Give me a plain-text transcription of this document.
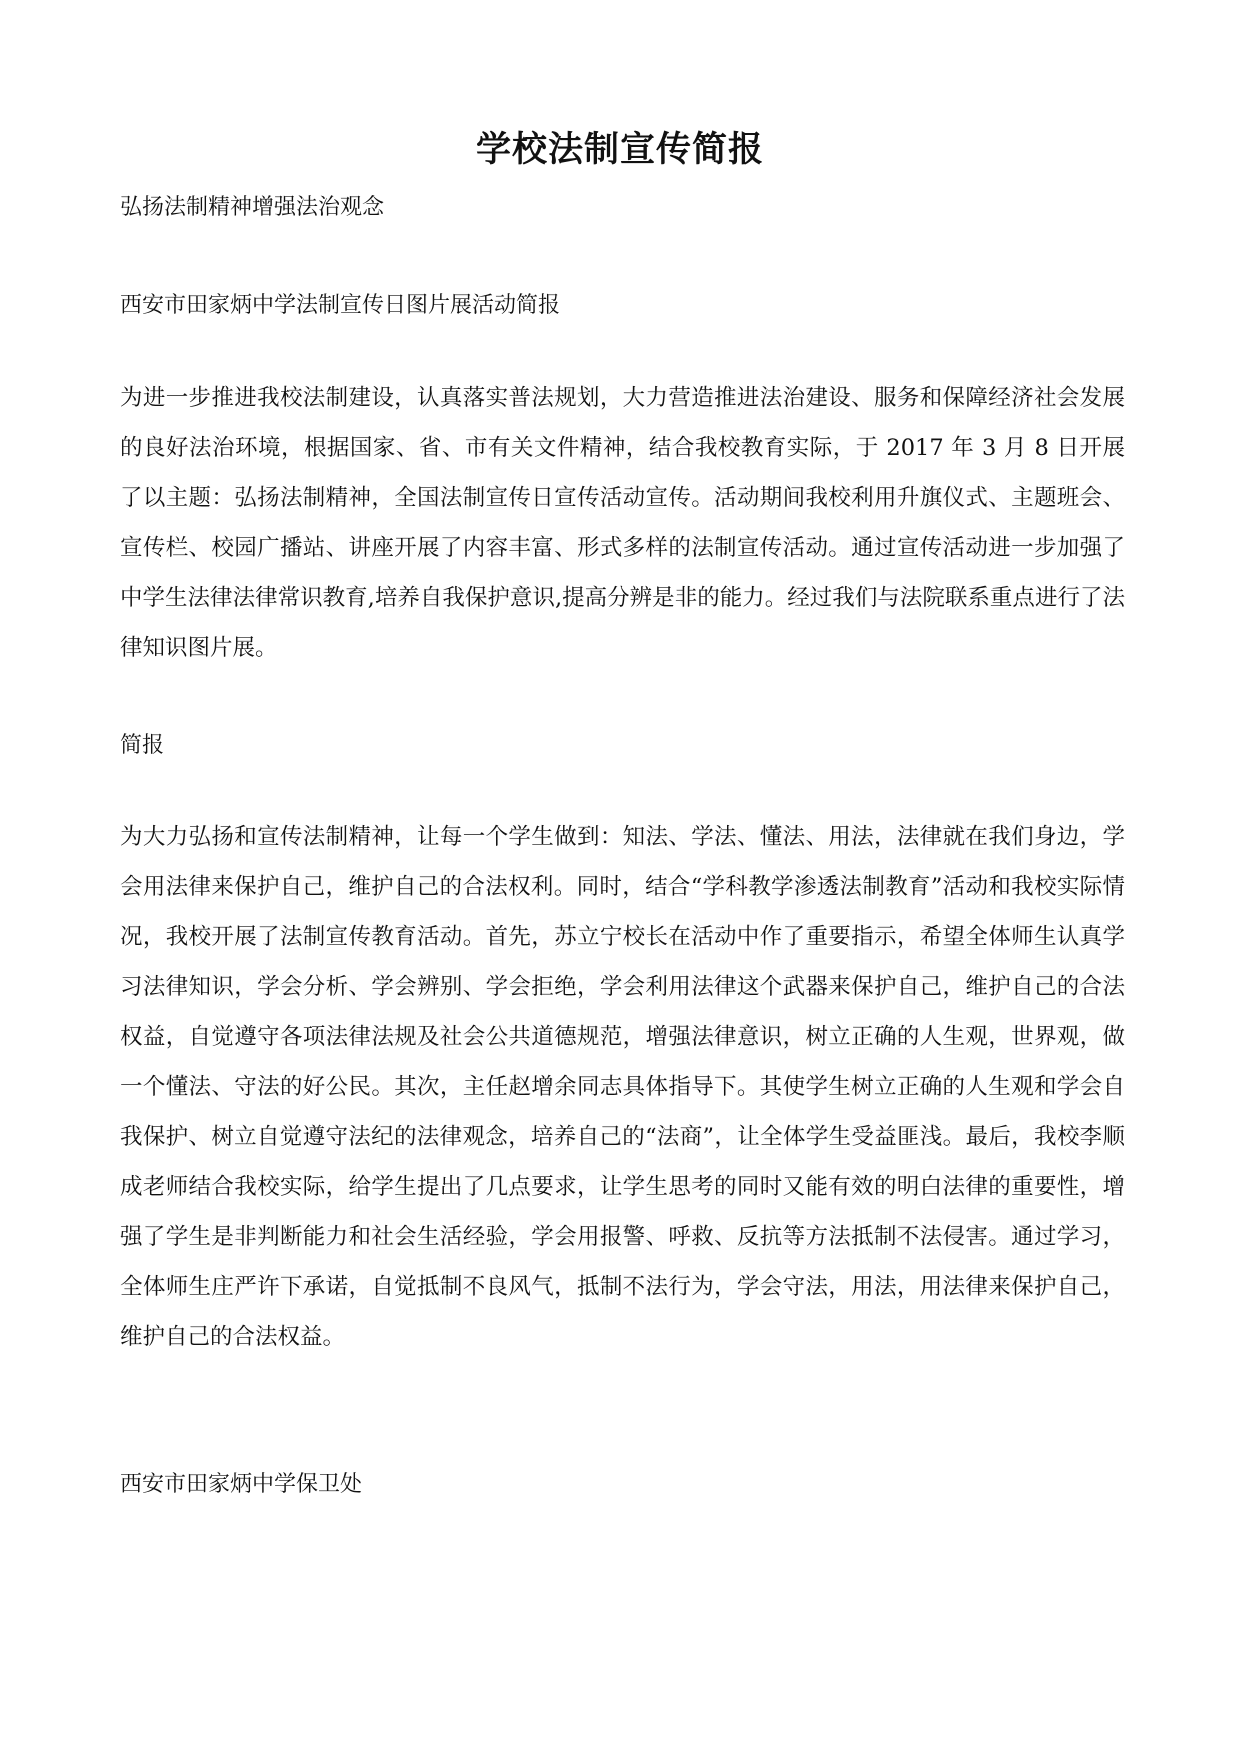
学校法制宣传简报
弘扬法制精神增强法治观念
西安市田家炳中学法制宣传日图片展活动简报
为进一步推进我校法制建设，认真落实普法规划，大力营造推进法治建设、服务和保障经济社会发展的良好法治环境，根据国家、省、市有关文件精神，结合我校教育实际，于 2017 年 3 月 8 日开展了以主题：弘扬法制精神，全国法制宣传日宣传活动宣传。活动期间我校利用升旗仪式、主题班会、宣传栏、校园广播站、讲座开展了内容丰富、形式多样的法制宣传活动。通过宣传活动进一步加强了中学生法律法律常识教育,培养自我保护意识,提高分辨是非的能力。经过我们与法院联系重点进行了法律知识图片展。
简报
为大力弘扬和宣传法制精神，让每一个学生做到：知法、学法、懂法、用法，法律就在我们身边，学会用法律来保护自己，维护自己的合法权利。同时，结合“学科教学渗透法制教育”活动和我校实际情况，我校开展了法制宣传教育活动。首先，苏立宁校长在活动中作了重要指示，希望全体师生认真学习法律知识，学会分析、学会辨别、学会拒绝，学会利用法律这个武器来保护自己，维护自己的合法权益，自觉遵守各项法律法规及社会公共道德规范，增强法律意识，树立正确的人生观，世界观，做一个懂法、守法的好公民。其次，主任赵增余同志具体指导下。其使学生树立正确的人生观和学会自我保护、树立自觉遵守法纪的法律观念，培养自己的“法商”，让全体学生受益匪浅。最后，我校李顺成老师结合我校实际，给学生提出了几点要求，让学生思考的同时又能有效的明白法律的重要性，增强了学生是非判断能力和社会生活经验，学会用报警、呼救、反抗等方法抵制不法侵害。通过学习，全体师生庄严许下承诺，自觉抵制不良风气，抵制不法行为，学会守法，用法，用法律来保护自己，维护自己的合法权益。
西安市田家炳中学保卫处
